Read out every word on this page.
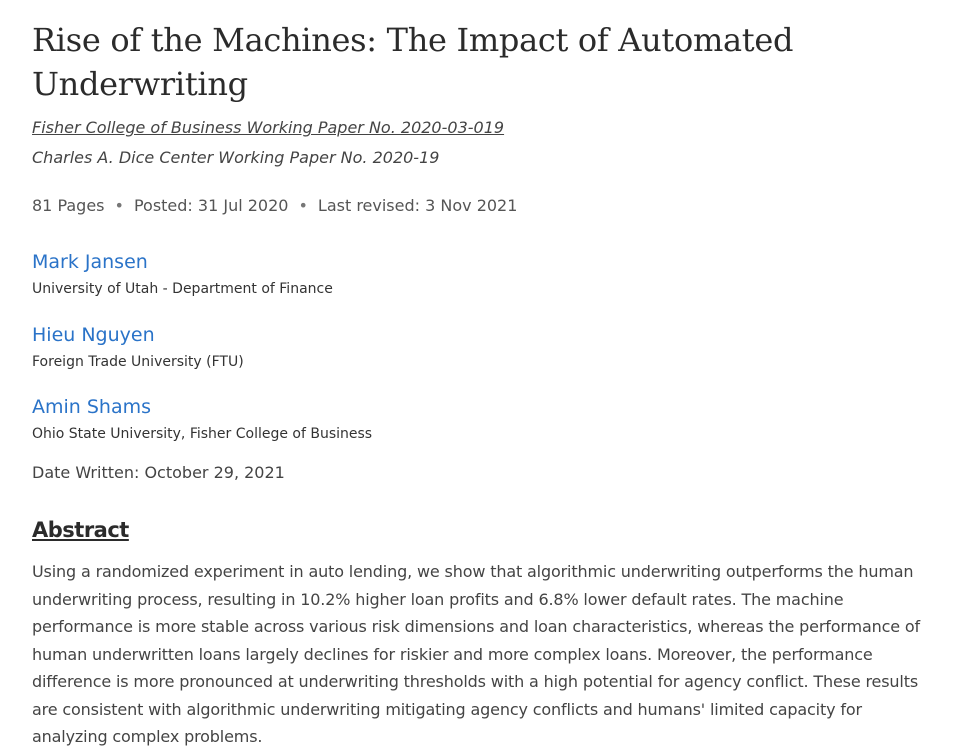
Rise of the Machines: The Impact of Automated Underwriting
Fisher College of Business Working Paper No. 2020-03-019
Charles A. Dice Center Working Paper No. 2020-19
81 Pages • Posted: 31 Jul 2020 • Last revised: 3 Nov 2021
Mark Jansen
University of Utah - Department of Finance
Hieu Nguyen
Foreign Trade University (FTU)
Amin Shams
Ohio State University, Fisher College of Business
Date Written: October 29, 2021
Abstract

Using a randomized experiment in auto lending, we show that algorithmic underwriting outperforms the human underwriting process, resulting in 10.2% higher loan profits and 6.8% lower default rates. The machine performance is more stable across various risk dimensions and loan characteristics, whereas the performance of human underwritten loans largely declines for riskier and more complex loans. Moreover, the performance difference is more pronounced at underwriting thresholds with a high potential for agency conflict. These results are consistent with algorithmic underwriting mitigating agency conflicts and humans' limited capacity for analyzing complex problems.
